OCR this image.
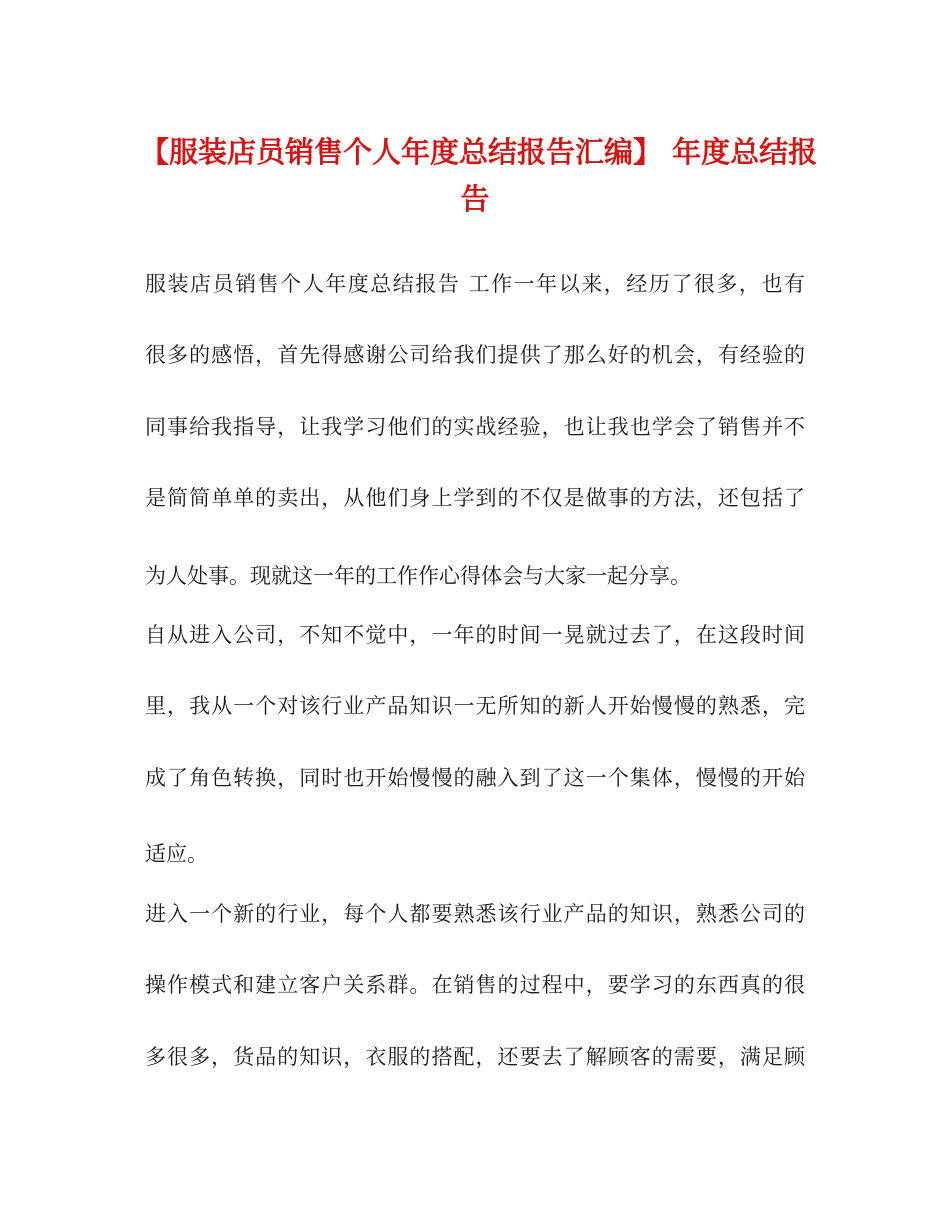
【服装店员销售个人年度总结报告汇编】 年度总结报
告
服装店员销售个人年度总结报告 工作一年以来，经历了很多，也有
很多的感悟，首先得感谢公司给我们提供了那么好的机会，有经验的
同事给我指导，让我学习他们的实战经验，也让我也学会了销售并不
是简简单单的卖出，从他们身上学到的不仅是做事的方法，还包括了
为人处事。现就这一年的工作作心得体会与大家一起分享。
自从进入公司，不知不觉中，一年的时间一晃就过去了，在这段时间
里，我从一个对该行业产品知识一无所知的新人开始慢慢的熟悉，完
成了角色转换，同时也开始慢慢的融入到了这一个集体，慢慢的开始
适应。
进入一个新的行业，每个人都要熟悉该行业产品的知识，熟悉公司的
操作模式和建立客户关系群。在销售的过程中，要学习的东西真的很
多很多，货品的知识，衣服的搭配，还要去了解顾客的需要，满足顾
